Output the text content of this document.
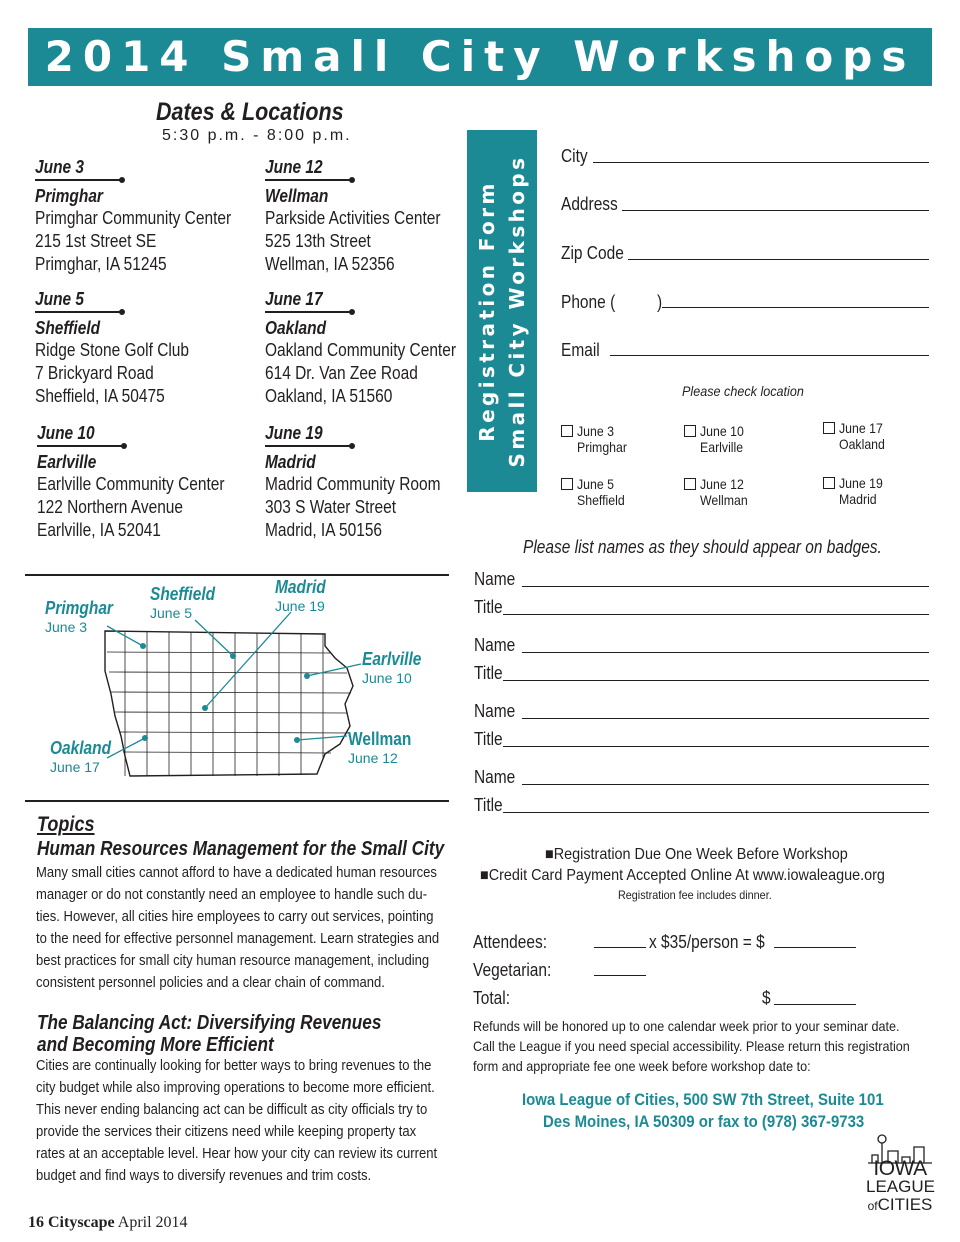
2014 Small City Workshops
Dates & Locations
5:30 p.m. - 8:00 p.m.
June 3
Primghar
Primghar Community Center
215 1st Street SE
Primghar, IA 51245
June 12
Wellman
Parkside Activities Center
525 13th Street
Wellman, IA 52356
June 5
Sheffield
Ridge Stone Golf Club
7 Brickyard Road
Sheffield, IA 50475
June 17
Oakland
Oakland Community Center
614 Dr. Van Zee Road
Oakland, IA 51560
June 10
Earlville
Earlville Community Center
122 Northern Avenue
Earlville, IA 52041
June 19
Madrid
Madrid Community Room
303 S Water Street
Madrid, IA 50156
Primghar
June 3
Sheffield
June 5
Madrid
June 19
Earlville
June 10
Oakland
June 17
Wellman
June 12
Topics
Human Resources Management for the Small City
Many small cities cannot afford to have a dedicated human resources
manager or do not constantly need an employee to handle such du-
ties. However, all cities hire employees to carry out services, pointing
to the need for effective personnel management. Learn strategies and
best practices for small city human resource management, including
consistent personnel policies and a clear chain of command.
The Balancing Act: Diversifying Revenues
and Becoming More Efficient
Cities are continually looking for better ways to bring revenues to the
city budget while also improving operations to become more efficient.
This never ending balancing act can be difficult as city officials try to
provide the services their citizens need while keeping property tax
rates at an acceptable level. Hear how your city can review its current
budget and find ways to diversify revenues and trim costs.
16 Cityscape April 2014
Registration Form Small City Workshops City
Address
Zip Code
Phone ( )
Email
Please check location
June 3
Primghar
June 10
Earlville
June 17
Oakland
June 5
Sheffield
June 12
Wellman
June 19
Madrid
Please list names as they should appear on badges.
Name
Title
Name
Title
Name
Title
Name
Title
■Registration Due One Week Before Workshop
■Credit Card Payment Accepted Online At www.iowaleague.org
Registration fee includes dinner.
Attendees:	x $35/person = $
Vegetarian:
Total:	$
Refunds will be honored up to one calendar week prior to your seminar date.
Call the League if you need special accessibility. Please return this registration
form and appropriate fee one week before workshop date to:
Iowa League of Cities, 500 SW 7th Street, Suite 101
Des Moines, IA 50309 or fax to (978) 367-9733
IOWA
LEAGUE
ofCITIES
